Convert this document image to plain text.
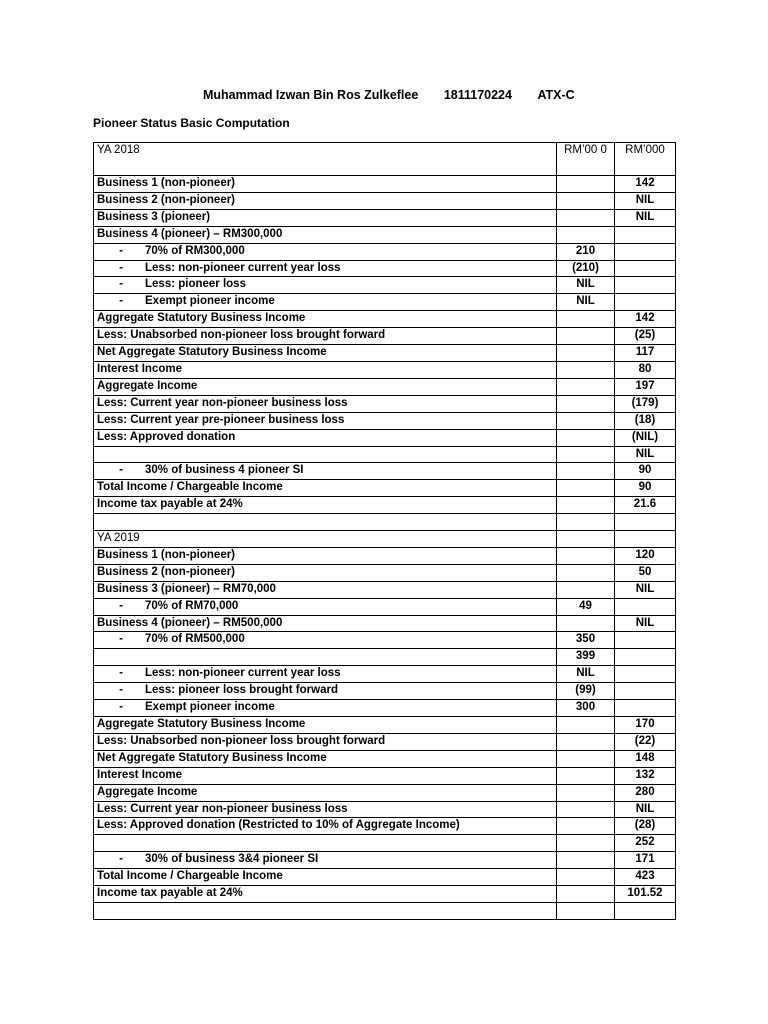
Muhammad Izwan Bin Ros Zulkeflee 1811170224 ATX-C
Pioneer Status Basic Computation
YA 2018	RM’00 0	RM’000
Business 1 (non-pioneer)		142
Business 2 (non-pioneer)		NIL
Business 3 (pioneer)		NIL
Business 4 (pioneer) – RM300,000		
- 70% of RM300,000	210	
- Less: non-pioneer current year loss	(210)	
- Less: pioneer loss	NIL	
- Exempt pioneer income	NIL	
Aggregate Statutory Business Income		142
Less: Unabsorbed non-pioneer loss brought forward		(25)
Net Aggregate Statutory Business Income		117
Interest Income		80
Aggregate Income		197
Less: Current year non-pioneer business loss		(179)
Less: Current year pre-pioneer business loss		(18)
Less: Approved donation		(NIL)
		NIL
- 30% of business 4 pioneer SI		90
Total Income / Chargeable Income		90
Income tax payable at 24%		21.6

YA 2019		
Business 1 (non-pioneer)		120
Business 2 (non-pioneer)		50
Business 3 (pioneer) – RM70,000		NIL
- 70% of RM70,000	49	
Business 4 (pioneer) – RM500,000		NIL
- 70% of RM500,000	350	
	399	
- Less: non-pioneer current year loss	NIL	
- Less: pioneer loss brought forward	(99)	
- Exempt pioneer income	300	
Aggregate Statutory Business Income		170
Less: Unabsorbed non-pioneer loss brought forward		(22)
Net Aggregate Statutory Business Income		148
Interest Income		132
Aggregate Income		280
Less: Current year non-pioneer business loss		NIL
Less: Approved donation (Restricted to 10% of Aggregate Income)		(28)
		252
- 30% of business 3&4 pioneer SI		171
Total Income / Chargeable Income		423
Income tax payable at 24%		101.52
